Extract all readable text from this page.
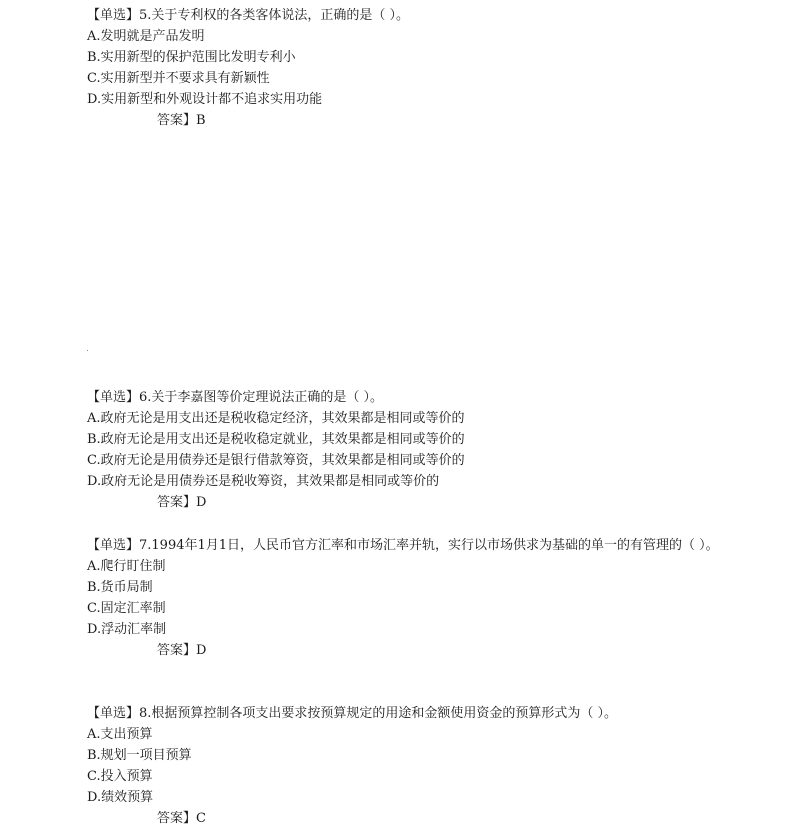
【单选】5.关于专利权的各类客体说法，正确的是（ ）。
A.发明就是产品发明
B.实用新型的保护范围比发明专利小
C.实用新型并不要求具有新颖性
D.实用新型和外观设计都不追求实用功能
答案】B
【单选】6.关于李嘉图等价定理说法正确的是（ ）。
A.政府无论是用支出还是税收稳定经济，其效果都是相同或等价的
B.政府无论是用支出还是税收稳定就业，其效果都是相同或等价的
C.政府无论是用债券还是银行借款筹资，其效果都是相同或等价的
D.政府无论是用债券还是税收筹资，其效果都是相同或等价的
答案】D
【单选】7.1994年1月1日，人民币官方汇率和市场汇率并轨，实行以市场供求为基础的单一的有管理的（ ）。
A.爬行盯住制
B.货币局制
C.固定汇率制
D.浮动汇率制
答案】D
【单选】8.根据预算控制各项支出要求按预算规定的用途和金额使用资金的预算形式为（ ）。
A.支出预算
B.规划一项目预算
C.投入预算
D.绩效预算
答案】C
